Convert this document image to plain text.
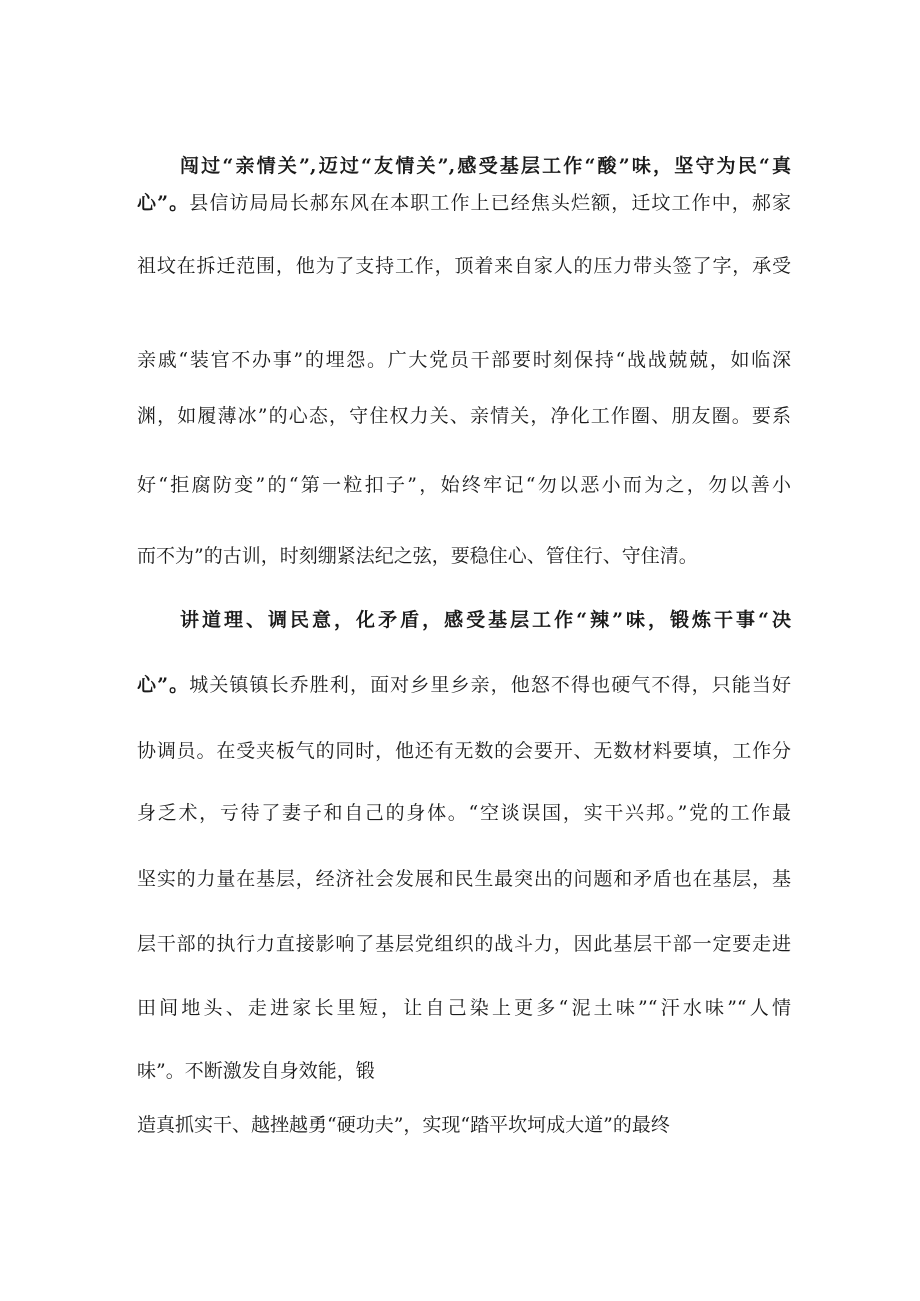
闯过“亲情关”,迈过“友情关”,感受基层工作“酸”味，坚守为民“真
心”。县信访局局长郝东风在本职工作上已经焦头烂额，迁坟工作中，郝家
祖坟在拆迁范围，他为了支持工作，顶着来自家人的压力带头签了字，承受
亲戚“装官不办事”的埋怨。广大党员干部要时刻保持“战战兢兢，如临深
渊，如履薄冰”的心态，守住权力关、亲情关，净化工作圈、朋友圈。要系
好“拒腐防变”的“第一粒扣子”，始终牢记“勿以恶小而为之，勿以善小
而不为”的古训，时刻绷紧法纪之弦，要稳住心、管住行、守住清。
讲道理、调民意，化矛盾，感受基层工作“辣”味，锻炼干事“决
心”。城关镇镇长乔胜利，面对乡里乡亲，他怒不得也硬气不得，只能当好
协调员。在受夹板气的同时，他还有无数的会要开、无数材料要填，工作分
身乏术，亏待了妻子和自己的身体。“空谈误国，实干兴邦。”党的工作最
坚实的力量在基层，经济社会发展和民生最突出的问题和矛盾也在基层，基
层干部的执行力直接影响了基层党组织的战斗力，因此基层干部一定要走进
田间地头、走进家长里短，让自己染上更多“泥土味”“汗水味”“人情
味”。不断激发自身效能，锻
造真抓实干、越挫越勇“硬功夫”，实现“踏平坎坷成大道”的最终
